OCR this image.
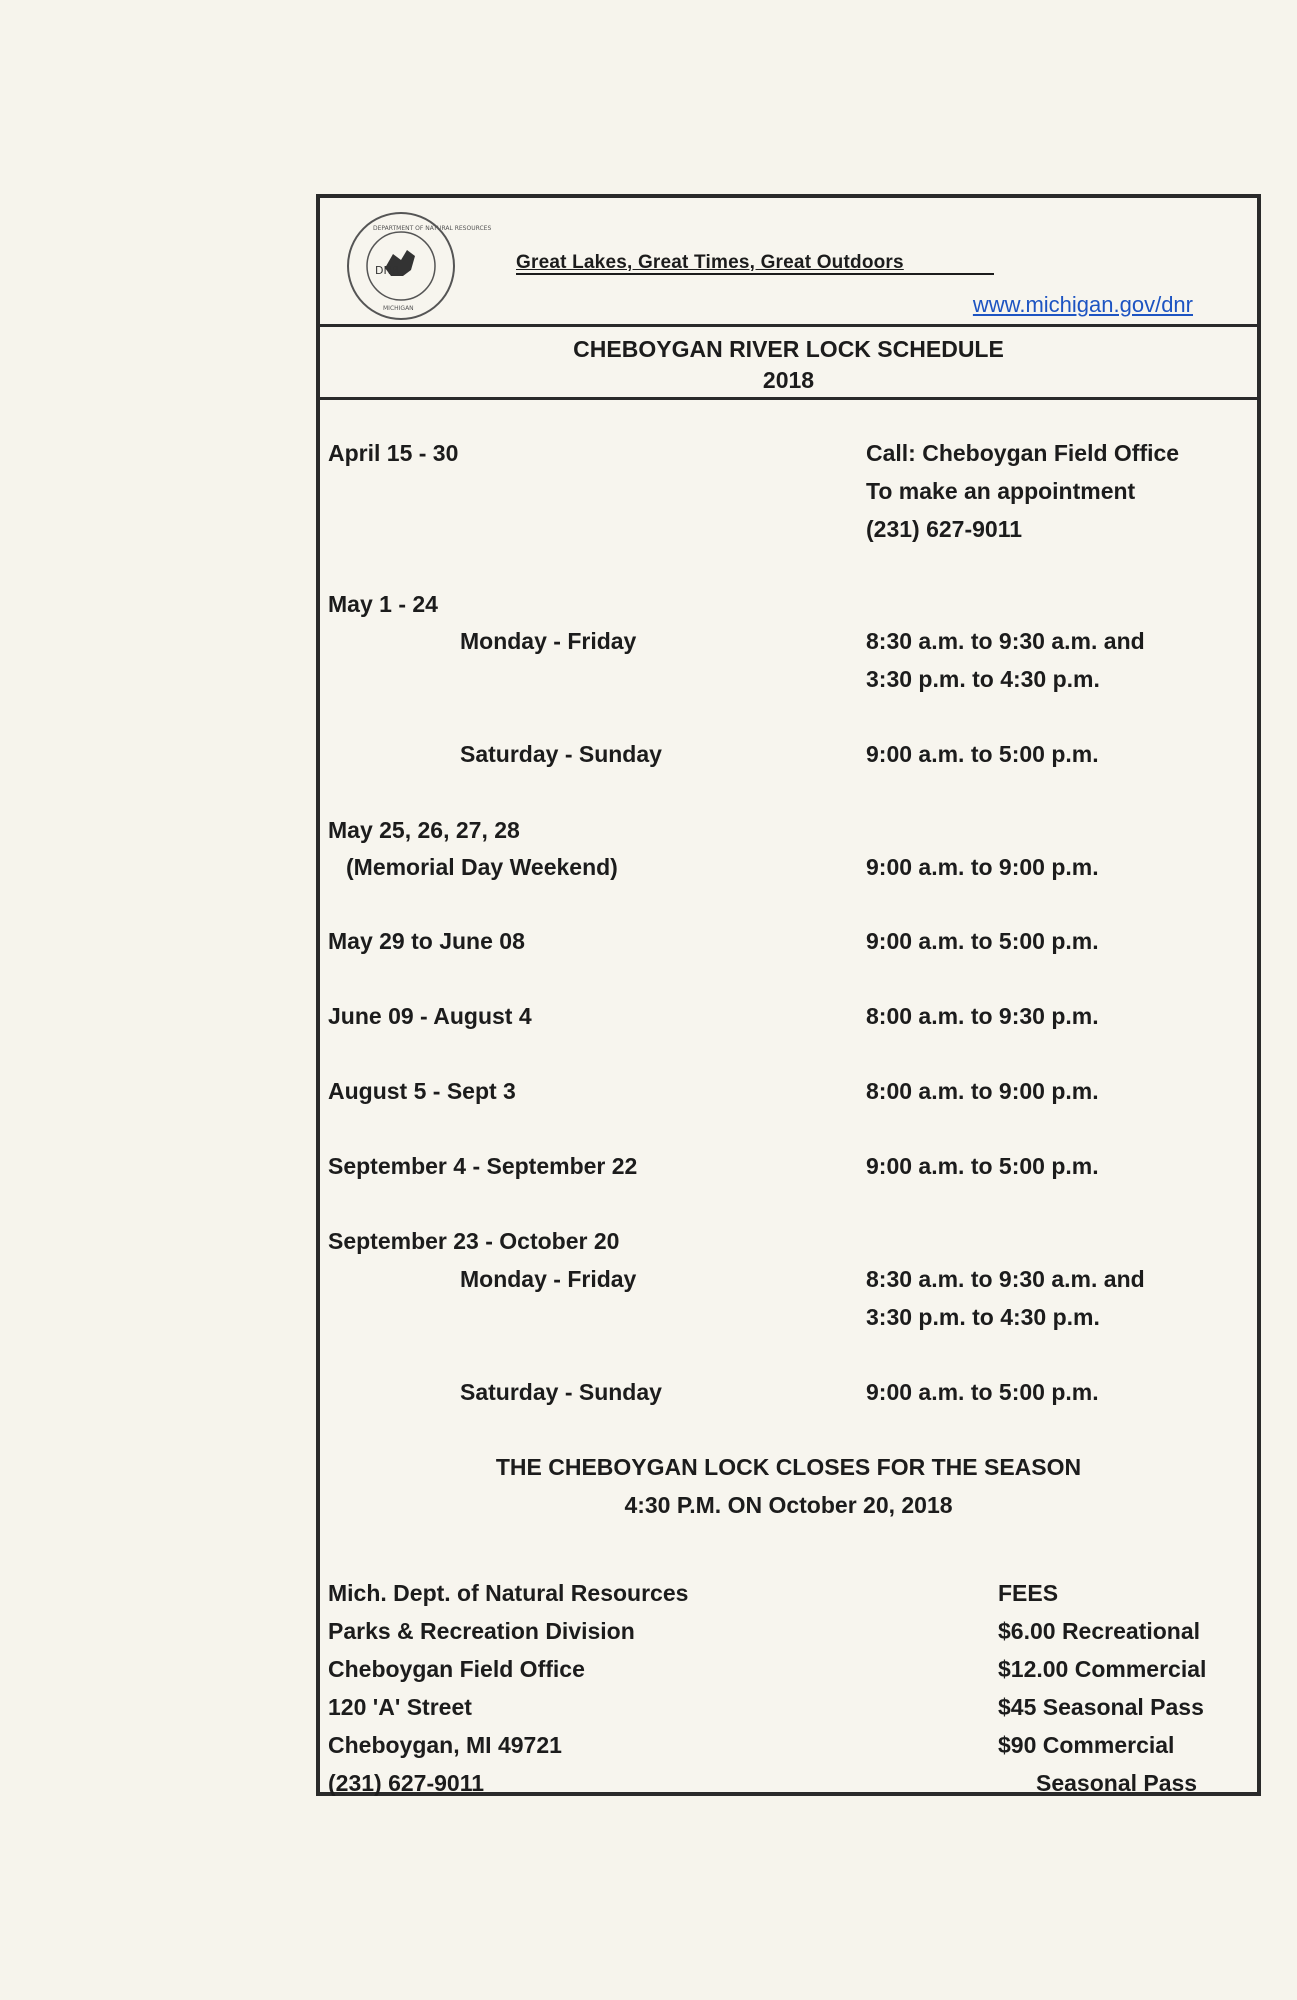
DNR
DEPARTMENT OF NATURAL RESOURCES
MICHIGAN
Great Lakes, Great Times, Great Outdoors
www.michigan.gov/dnr
CHEBOYGAN RIVER LOCK SCHEDULE
2018
April 15 - 30	Call: Cheboygan Field Office
To make an appointment
(231) 627-9011
May 1 - 24
Monday - Friday	8:30 a.m. to 9:30 a.m. and
3:30 p.m. to 4:30 p.m.
Saturday - Sunday	9:00 a.m. to 5:00 p.m.
May 25, 26, 27, 28
(Memorial Day Weekend)	9:00 a.m. to 9:00 p.m.
May 29 to June 08	9:00 a.m. to 5:00 p.m.
June 09 - August 4	8:00 a.m. to 9:30 p.m.
August 5 - Sept 3	8:00 a.m. to 9:00 p.m.
September 4 - September 22	9:00 a.m. to 5:00 p.m.
September 23 - October 20
Monday - Friday	8:30 a.m. to 9:30 a.m. and
3:30 p.m. to 4:30 p.m.
Saturday - Sunday	9:00 a.m. to 5:00 p.m.
THE CHEBOYGAN LOCK CLOSES FOR THE SEASON
4:30 P.M. ON October 20, 2018
Mich. Dept. of Natural Resources
Parks & Recreation Division
Cheboygan Field Office
120 'A' Street
Cheboygan, MI 49721
(231) 627-9011
FEES
$6.00 Recreational
$12.00 Commercial
$45 Seasonal Pass
$90 Commercial
Seasonal Pass
